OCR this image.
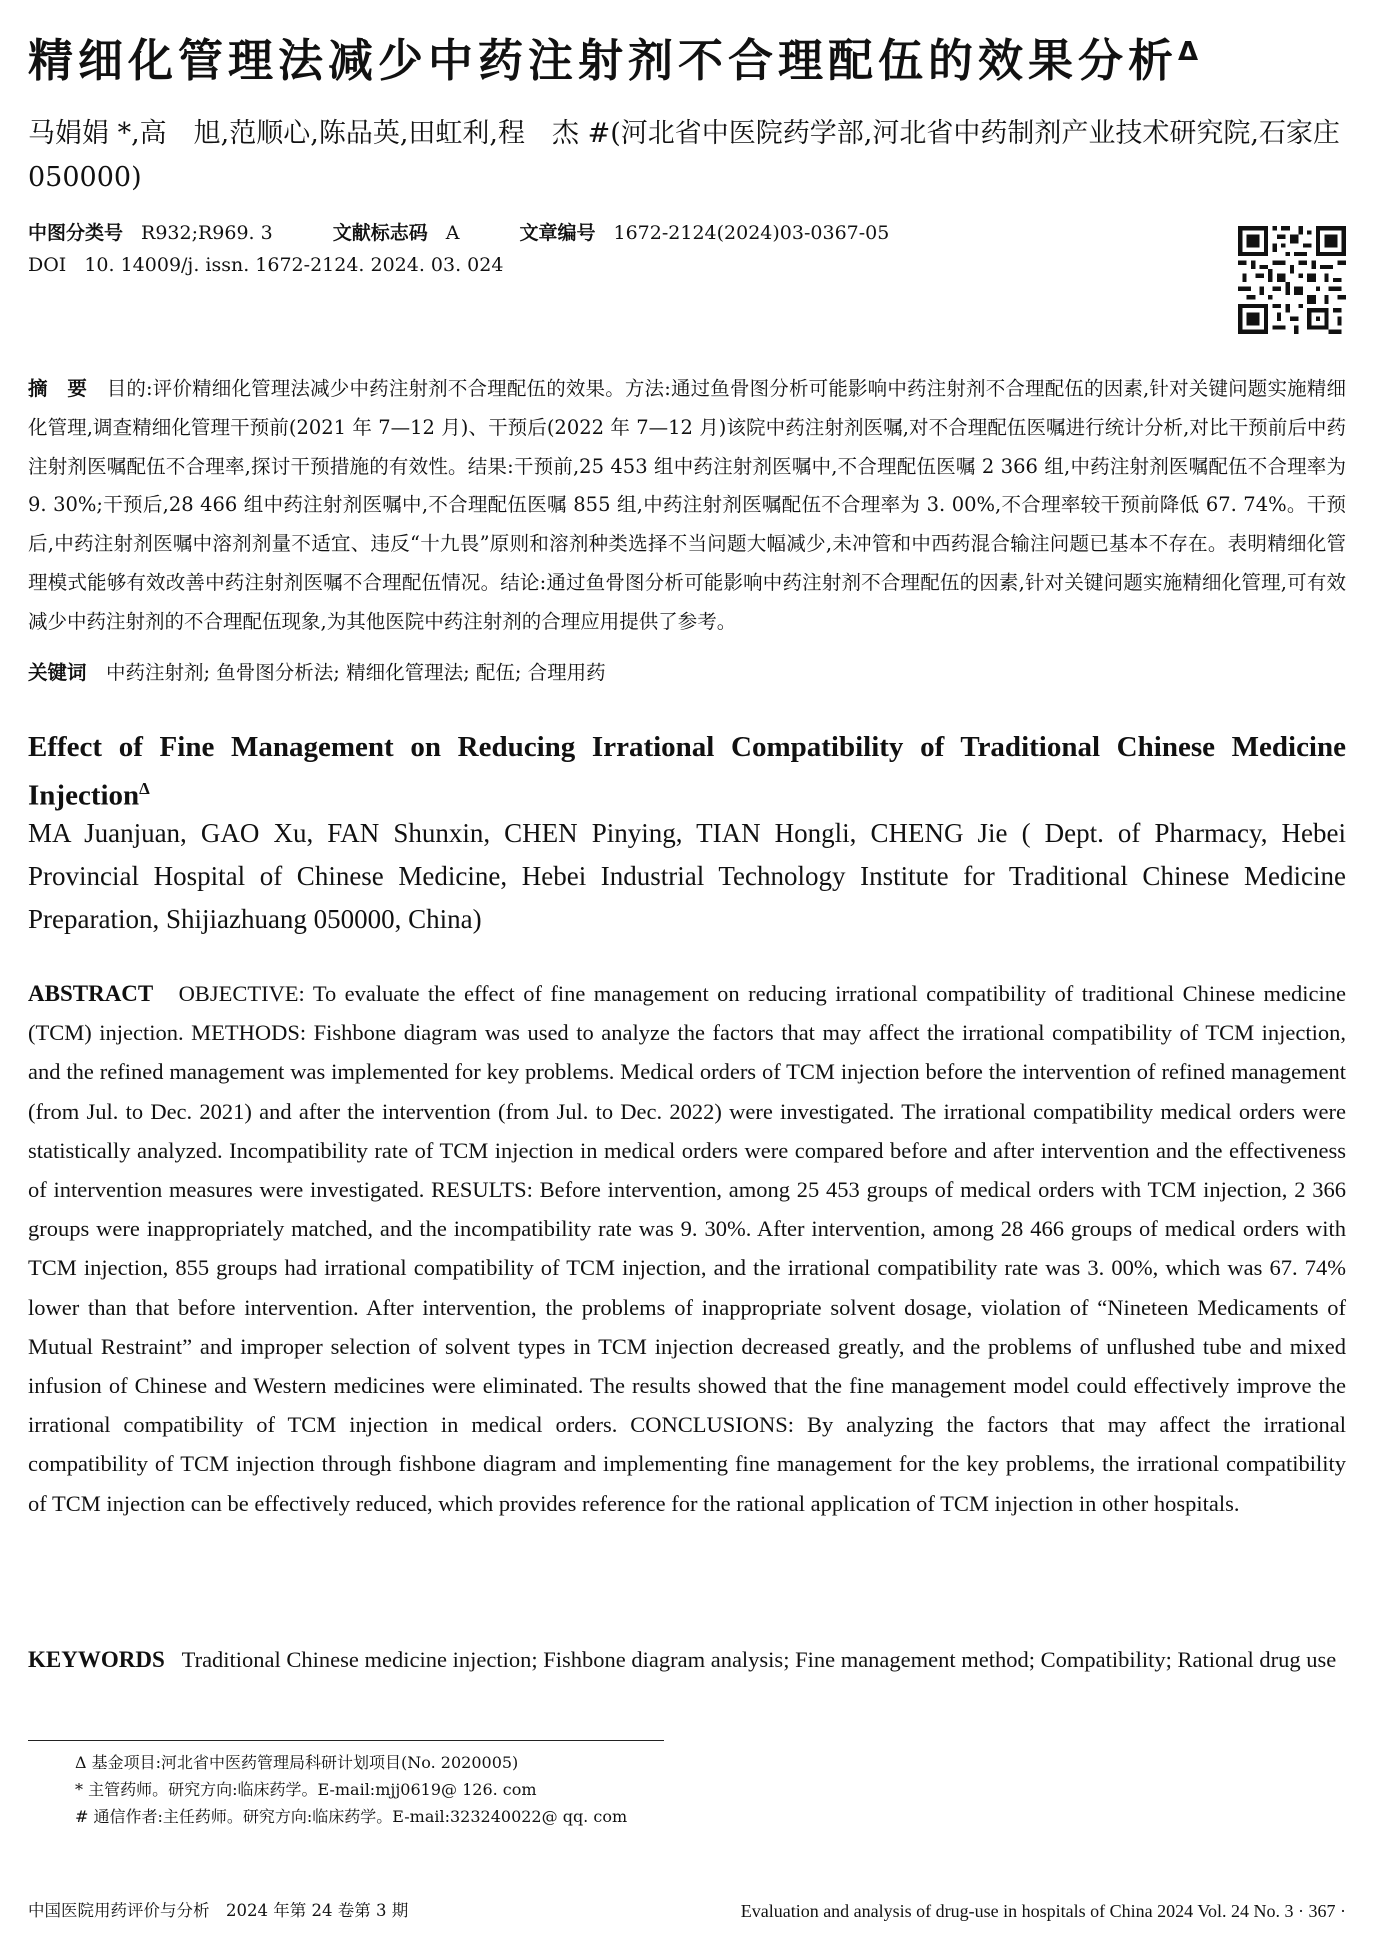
精细化管理法减少中药注射剂不合理配伍的效果分析$^\Delta$
马娟娟 *,高　旭,范顺心,陈品英,田虹利,程　杰 #(河北省中医院药学部,河北省中药制剂产业技术研究院,石家庄　050000)
中图分类号 R932;R969. 3	文献标志码 A	文章编号 1672-2124(2024)03-0367-05
DOI 10. 14009/j. issn. 1672-2124. 2024. 03. 024
摘　要　 目的:评价精细化管理法减少中药注射剂不合理配伍的效果。方法:通过鱼骨图分析可能影响中药注射剂不合理配伍的因素,针对关键问题实施精细化管理,调查精细化管理干预前(2021 年 7—12 月)、干预后(2022 年 7—12 月)该院中药注射剂医嘱,对不合理配伍医嘱进行统计分析,对比干预前后中药注射剂医嘱配伍不合理率,探讨干预措施的有效性。结果:干预前,25 453 组中药注射剂医嘱中,不合理配伍医嘱 2 366 组,中药注射剂医嘱配伍不合理率为 9. 30%;干预后,28 466 组中药注射剂医嘱中,不合理配伍医嘱 855 组,中药注射剂医嘱配伍不合理率为 3. 00%,不合理率较干预前降低 67. 74%。干预后,中药注射剂医嘱中溶剂剂量不适宜、违反“十九畏”原则和溶剂种类选择不当问题大幅减少,未冲管和中西药混合输注问题已基本不存在。表明精细化管理模式能够有效改善中药注射剂医嘱不合理配伍情况。结论:通过鱼骨图分析可能影响中药注射剂不合理配伍的因素,针对关键问题实施精细化管理,可有效减少中药注射剂的不合理配伍现象,为其他医院中药注射剂的合理应用提供了参考。
关键词　 中药注射剂; 鱼骨图分析法; 精细化管理法; 配伍; 合理用药
Effect of Fine Management on Reducing Irrational Compatibility of Traditional Chinese Medicine Injection$^\Delta$
MA Juanjuan, GAO Xu, FAN Shunxin, CHEN Pinying, TIAN Hongli, CHENG Jie ( Dept. of Pharmacy, Hebei Provincial Hospital of Chinese Medicine, Hebei Industrial Technology Institute for Traditional Chinese Medicine Preparation, Shijiazhuang 050000, China)
ABSTRACT OBJECTIVE: To evaluate the effect of fine management on reducing irrational compatibility of traditional Chinese medicine (TCM) injection. METHODS: Fishbone diagram was used to analyze the factors that may affect the irrational compatibility of TCM injection, and the refined management was implemented for key problems. Medical orders of TCM injection before the intervention of refined management (from Jul. to Dec. 2021) and after the intervention (from Jul. to Dec. 2022) were investigated. The irrational compatibility medical orders were statistically analyzed. Incompatibility rate of TCM injection in medical orders were compared before and after intervention and the effectiveness of intervention measures were investigated. RESULTS: Before intervention, among 25 453 groups of medical orders with TCM injection, 2 366 groups were inappropriately matched, and the incompatibility rate was 9. 30%. After intervention, among 28 466 groups of medical orders with TCM injection, 855 groups had irrational compatibility of TCM injection, and the irrational compatibility rate was 3. 00%, which was 67. 74% lower than that before intervention. After intervention, the problems of inappropriate solvent dosage, violation of “Nineteen Medicaments of Mutual Restraint” and improper selection of solvent types in TCM injection decreased greatly, and the problems of unflushed tube and mixed infusion of Chinese and Western medicines were eliminated. The results showed that the fine management model could effectively improve the irrational compatibility of TCM injection in medical orders. CONCLUSIONS: By analyzing the factors that may affect the irrational compatibility of TCM injection through fishbone diagram and implementing fine management for the key problems, the irrational compatibility of TCM injection can be effectively reduced, which provides reference for the rational application of TCM injection in other hospitals.
KEYWORDS Traditional Chinese medicine injection; Fishbone diagram analysis; Fine management method; Compatibility; Rational drug use
Δ 基金项目:河北省中医药管理局科研计划项目(No. 2020005)
* 主管药师。研究方向:临床药学。E-mail:mjj0619@ 126. com
# 通信作者:主任药师。研究方向:临床药学。E-mail:323240022@ qq. com
中国医院用药评价与分析　2024 年第 24 卷第 3 期	Evaluation and analysis of drug-use in hospitals of China 2024 Vol. 24 No. 3 · 367 ·
